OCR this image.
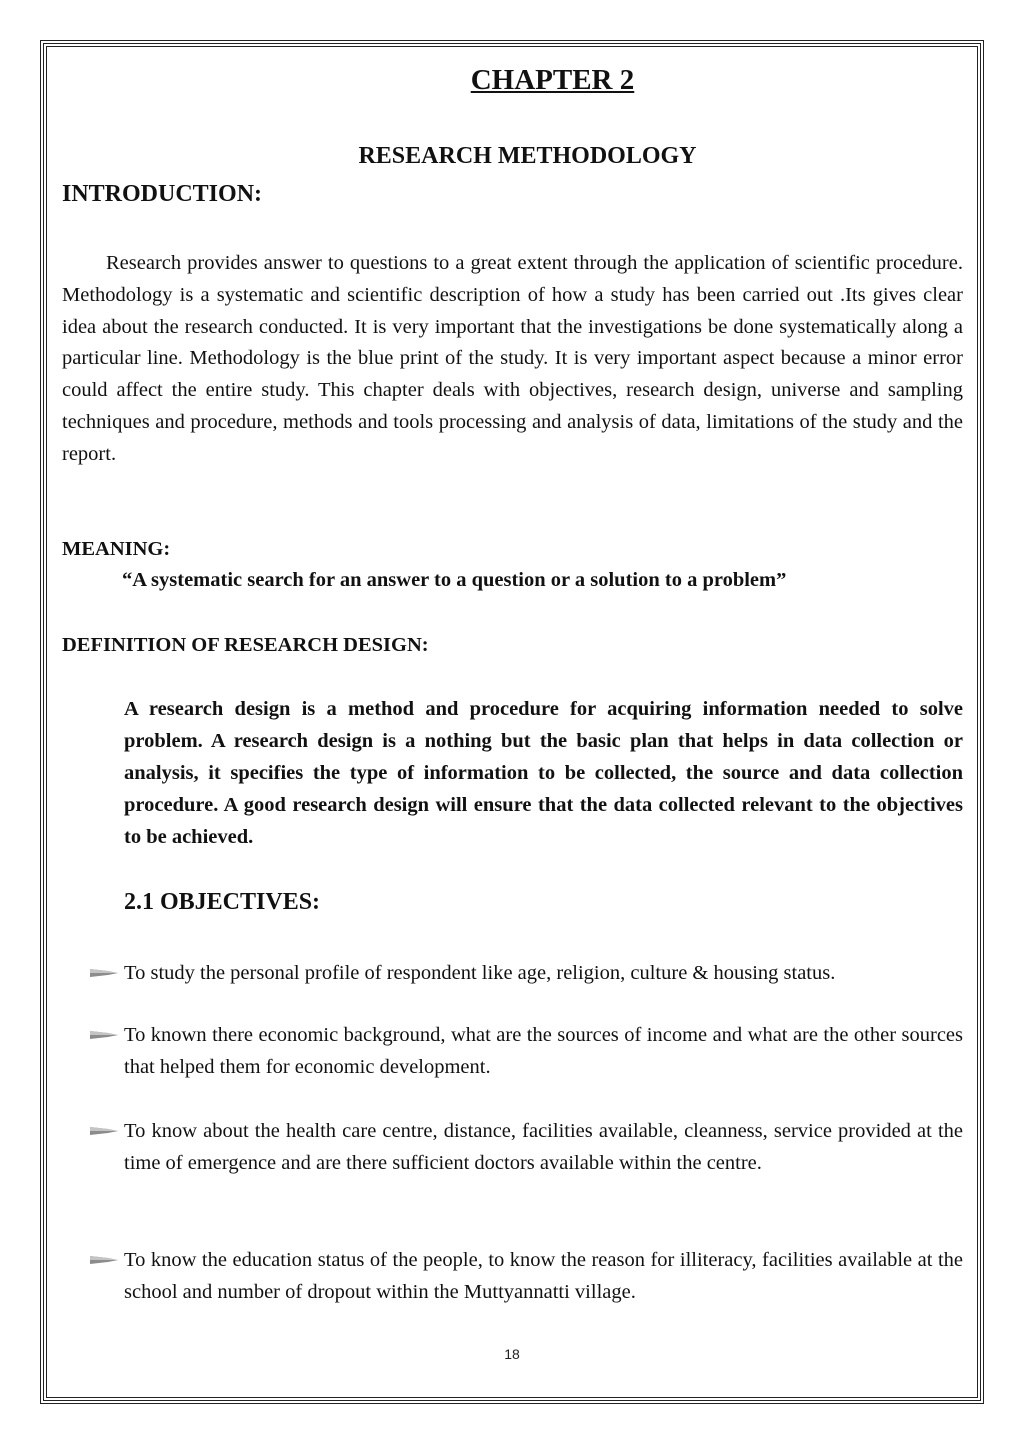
CHAPTER 2
RESEARCH METHODOLOGY
INTRODUCTION:

Research provides answer to questions to a great extent through the application of scientific procedure. Methodology is a systematic and scientific description of how a study has been carried out .Its gives clear idea about the research conducted. It is very important that the investigations be done systematically along a particular line. Methodology is the blue print of the study. It is very important aspect because a minor error could affect the entire study. This chapter deals with objectives, research design, universe and sampling techniques and procedure, methods and tools processing and analysis of data, limitations of the study and the report.

MEANING:
“A systematic search for an answer to a question or a solution to a problem”
DEFINITION OF RESEARCH DESIGN:
A research design is a method and procedure for acquiring information needed to solve problem. A research design is a nothing but the basic plan that helps in data collection or analysis, it specifies the type of information to be collected, the source and data collection procedure. A good research design will ensure that the data collected relevant to the objectives to be achieved.
2.1 OBJECTIVES:
To study the personal profile of respondent like age, religion, culture & housing status.
To known there economic background, what are the sources of income and what are the other sources that helped them for economic development.
To know about the health care centre, distance, facilities available, cleanness, service provided at the time of emergence and are there sufficient doctors available within the centre.
To know the education status of the people, to know the reason for illiteracy, facilities available at the school and number of dropout within the Muttyannatti village.
18
